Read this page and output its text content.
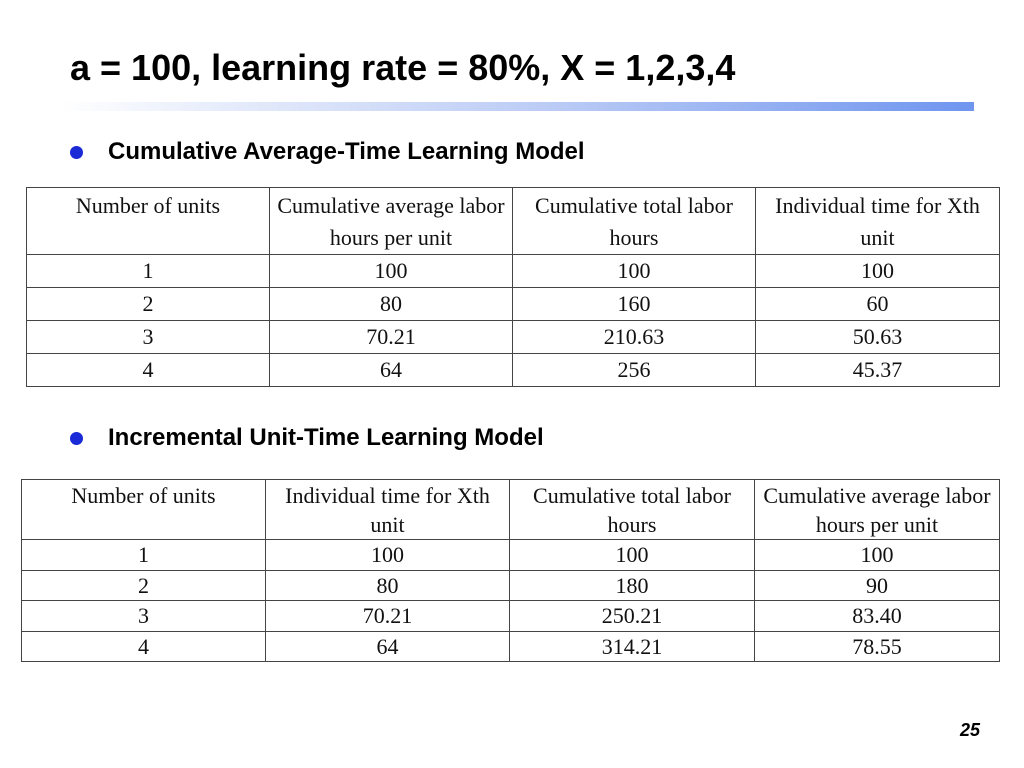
a = 100, learning rate = 80%, X = 1,2,3,4
Cumulative Average-Time Learning Model
Number of units	Cumulative average labor hours per unit	Cumulative total labor hours	Individual time for Xth unit
1	100	100	100
2	80	160	60
3	70.21	210.63	50.63
4	64	256	45.37
Incremental Unit-Time Learning Model
Number of units	Individual time for Xth unit	Cumulative total labor hours	Cumulative average labor hours per unit
1	100	100	100
2	80	180	90
3	70.21	250.21	83.40
4	64	314.21	78.55
25
